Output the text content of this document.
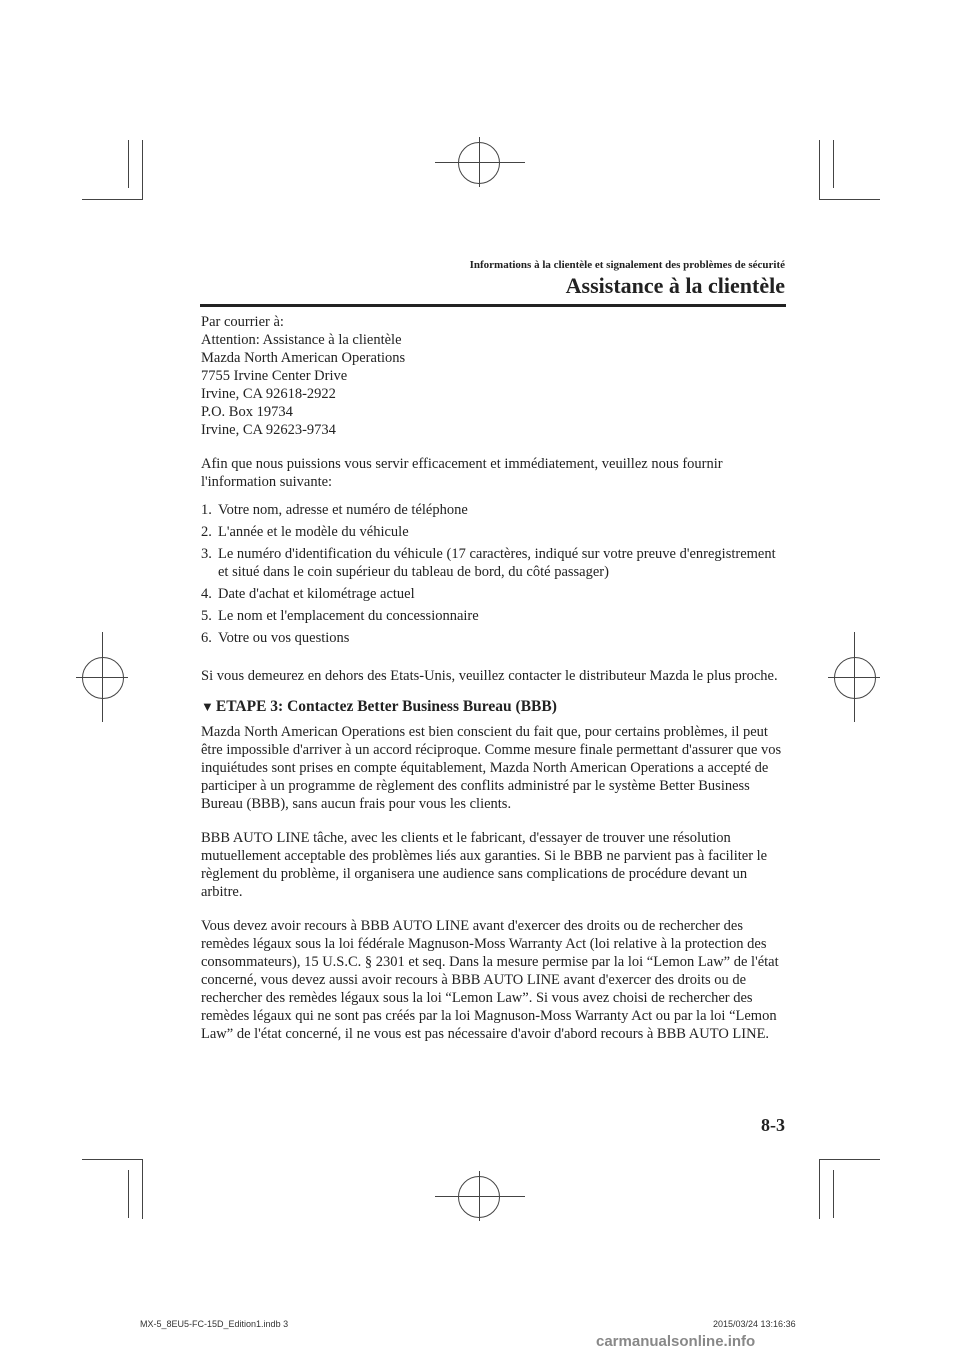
Informations à la clientèle et signalement des problèmes de sécurité
Assistance à la clientèle

Par courrier à:
Attention: Assistance à la clientèle
Mazda North American Operations
7755 Irvine Center Drive
Irvine, CA 92618-2922
P.O. Box 19734
Irvine, CA 92623-9734

Afin que nous puissions vous servir efficacement et immédiatement, veuillez nous fournir l'information suivante:

1. Votre nom, adresse et numéro de téléphone
2. L'année et le modèle du véhicule
3. Le numéro d'identification du véhicule (17 caractères, indiqué sur votre preuve d'enregistrement et situé dans le coin supérieur du tableau de bord, du côté passager)
4. Date d'achat et kilométrage actuel
5. Le nom et l'emplacement du concessionnaire
6. Votre ou vos questions

Si vous demeurez en dehors des Etats-Unis, veuillez contacter le distributeur Mazda le plus proche.

▼ ETAPE 3: Contactez Better Business Bureau (BBB)

Mazda North American Operations est bien conscient du fait que, pour certains problèmes, il peut être impossible d'arriver à un accord réciproque. Comme mesure finale permettant d'assurer que vos inquiétudes sont prises en compte équitablement, Mazda North American Operations a accepté de participer à un programme de règlement des conflits administré par le système Better Business Bureau (BBB), sans aucun frais pour vous les clients.

BBB AUTO LINE tâche, avec les clients et le fabricant, d'essayer de trouver une résolution mutuellement acceptable des problèmes liés aux garanties. Si le BBB ne parvient pas à faciliter le règlement du problème, il organisera une audience sans complications de procédure devant un arbitre.

Vous devez avoir recours à BBB AUTO LINE avant d'exercer des droits ou de rechercher des remèdes légaux sous la loi fédérale Magnuson-Moss Warranty Act (loi relative à la protection des consommateurs), 15 U.S.C. § 2301 et seq. Dans la mesure permise par la loi “Lemon Law” de l'état concerné, vous devez aussi avoir recours à BBB AUTO LINE avant d'exercer des droits ou de rechercher des remèdes légaux sous la loi “Lemon Law”. Si vous avez choisi de rechercher des remèdes légaux qui ne sont pas créés par la loi Magnuson-Moss Warranty Act ou par la loi “Lemon Law” de l'état concerné, il ne vous est pas nécessaire d'avoir d'abord recours à BBB AUTO LINE.

8-3
MX-5_8EU5-FC-15D_Edition1.indb 3	2015/03/24 13:16:36
carmanualsonline.info
